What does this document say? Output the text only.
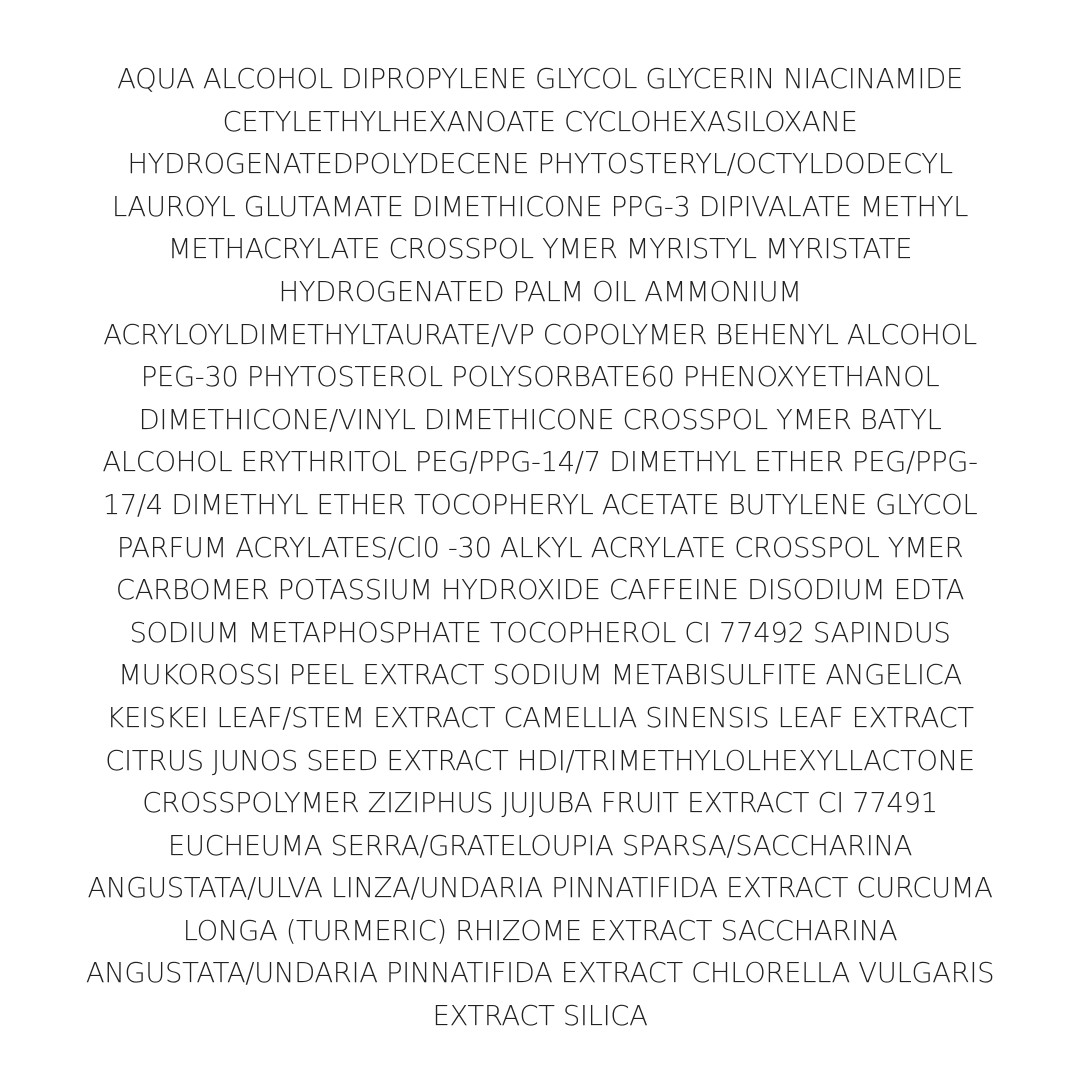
AQUA ALCOHOL DIPROPYLENE GLYCOL GLYCERIN NIACINAMIDE
CETYLETHYLHEXANOATE CYCLOHEXASILOXANE
HYDROGENATEDPOLYDECENE PHYTOSTERYL/OCTYLDODECYL
LAUROYL GLUTAMATE DIMETHICONE PPG-3 DIPIVALATE METHYL
METHACRYLATE CROSSPOL YMER MYRISTYL MYRISTATE
HYDROGENATED PALM OIL AMMONIUM
ACRYLOYLDIMETHYLTAURATE/VP COPOLYMER BEHENYL ALCOHOL
PEG-30 PHYTOSTEROL POLYSORBATE60 PHENOXYETHANOL
DIMETHICONE/VINYL DIMETHICONE CROSSPOL YMER BATYL
ALCOHOL ERYTHRITOL PEG/PPG-14/7 DIMETHYL ETHER PEG/PPG-
17/4 DIMETHYL ETHER TOCOPHERYL ACETATE BUTYLENE GLYCOL
PARFUM ACRYLATES/Cl0 -30 ALKYL ACRYLATE CROSSPOL YMER
CARBOMER POTASSIUM HYDROXIDE CAFFEINE DISODIUM EDTA
SODIUM METAPHOSPHATE TOCOPHEROL CI 77492 SAPINDUS
MUKOROSSI PEEL EXTRACT SODIUM METABISULFITE ANGELICA
KEISKEI LEAF/STEM EXTRACT CAMELLIA SINENSIS LEAF EXTRACT
CITRUS JUNOS SEED EXTRACT HDI/TRIMETHYLOLHEXYLLACTONE
CROSSPOLYMER ZIZIPHUS JUJUBA FRUIT EXTRACT CI 77491
EUCHEUMA SERRA/GRATELOUPIA SPARSA/SACCHARINA
ANGUSTATA/ULVA LINZA/UNDARIA PINNATIFIDA EXTRACT CURCUMA
LONGA (TURMERIC) RHIZOME EXTRACT SACCHARINA
ANGUSTATA/UNDARIA PINNATIFIDA EXTRACT CHLORELLA VULGARIS
EXTRACT SILICA
